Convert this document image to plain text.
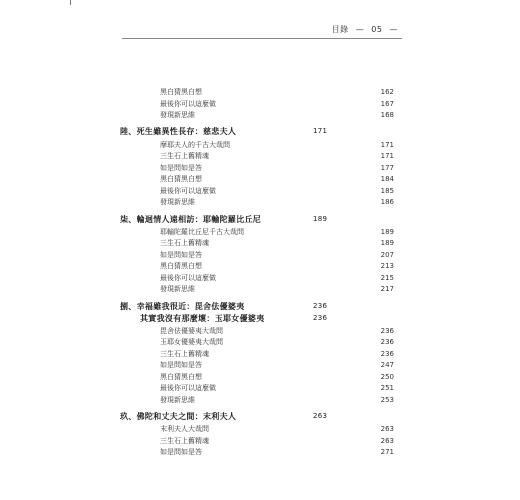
目錄 — 05 —
黑白猜黑白想	162
最後你可以這麼做	167
發現新思維	168
陸、死生雖異性長存：慈悲夫人	171
摩耶夫人的千古大哉問	171
三生石上舊精魂	171
如是問如是答	177
黑白猜黑白想	184
最後你可以這麼做	185
發現新思維	186
柒、輪迴情人遠相訪：耶輸陀羅比丘尼	189
耶輸陀羅比丘尼千古大哉問	189
三生石上舊精魂	189
如是問如是答	207
黑白猜黑白想	213
最後你可以這麼做	215
發現新思維	217
捌、幸福雖我很近：毘舍佉優婆夷	236
其實我沒有那麼壞：玉耶女優婆夷	236
毘舍佉優婆夷大哉問	236
玉耶女優婆夷大哉問	236
三生石上舊精魂	236
如是問如是答	247
黑白猜黑白想	250
最後你可以這麼做	251
發現新思維	253
玖、佛陀和丈夫之間：末利夫人	263
末利夫人大哉問	263
三生石上舊精魂	263
如是問如是答	271
